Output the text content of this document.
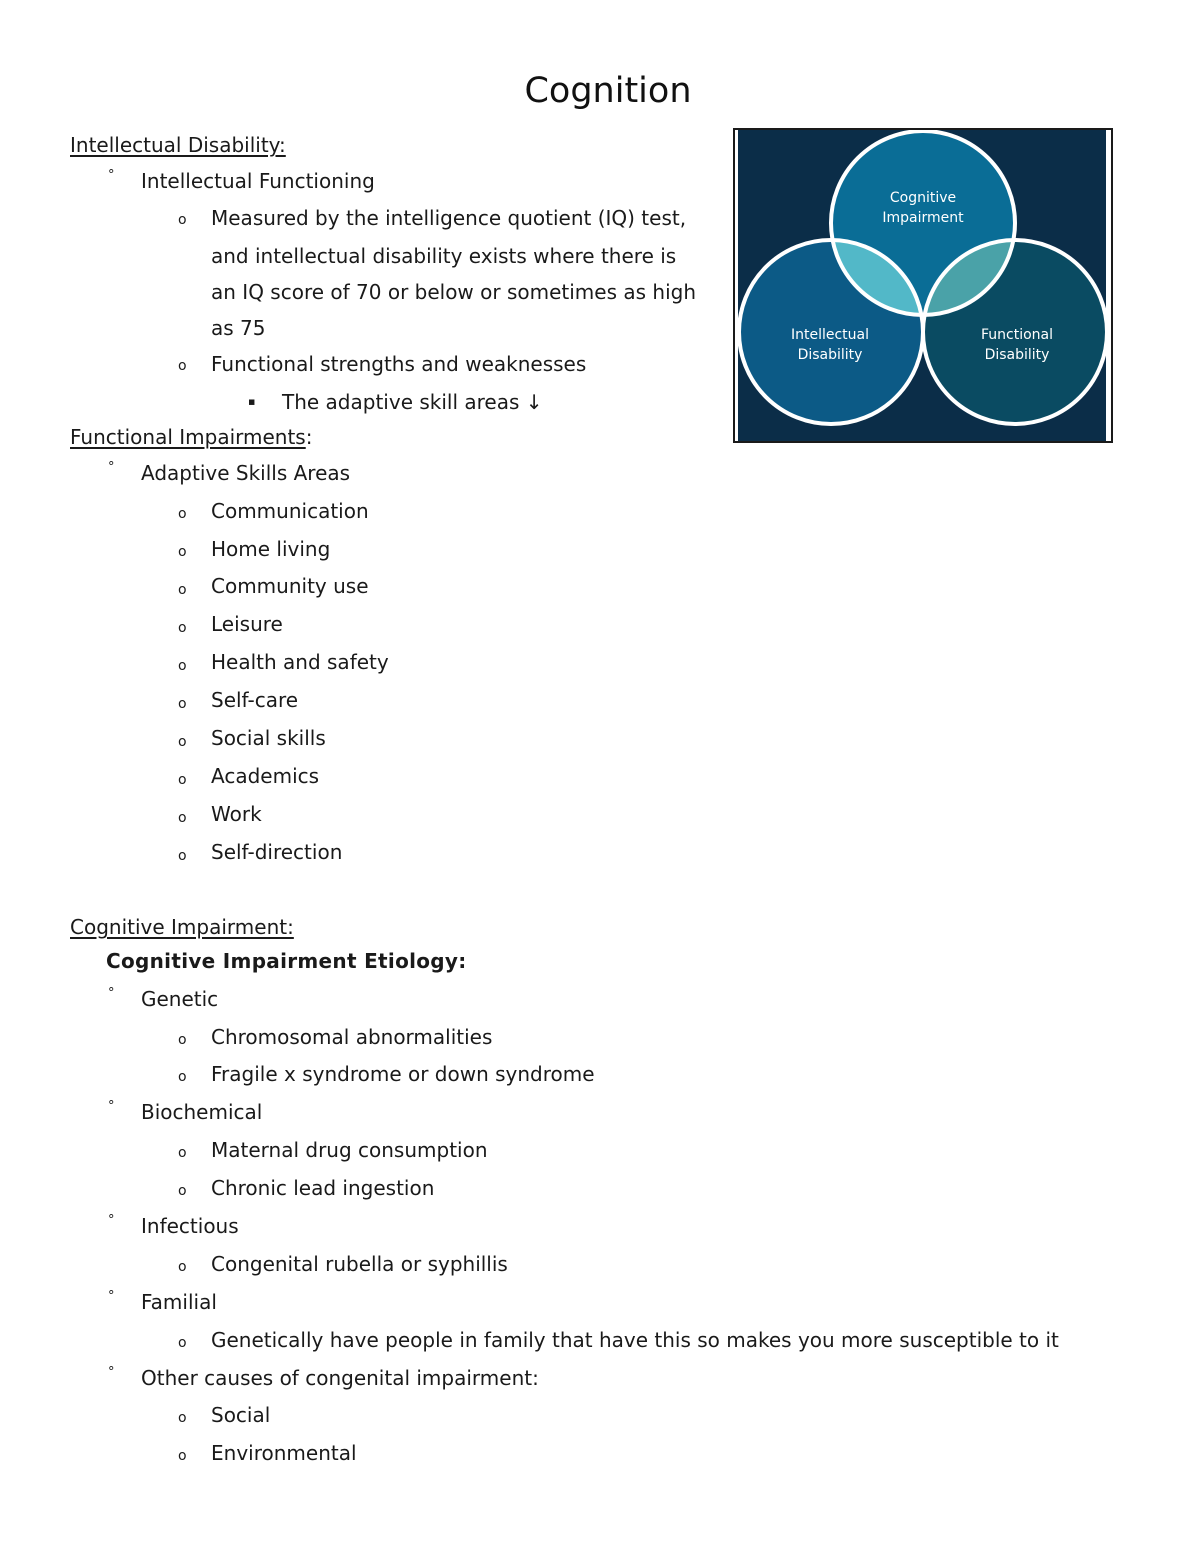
Cognition
Intellectual Disability:
° Intellectual Functioning
o Measured by the intelligence quotient (IQ) test,
and intellectual disability exists where there is
an IQ score of 70 or below or sometimes as high
as 75
o Functional strengths and weaknesses
▪ The adaptive skill areas ↓
Functional Impairments:
° Adaptive Skills Areas
o Communication
o Home living
o Community use
o Leisure
o Health and safety
o Self-care
o Social skills
o Academics
o Work
o Self-direction
Cognitive Impairment:
Cognitive Impairment Etiology:
° Genetic
o Chromosomal abnormalities
o Fragile x syndrome or down syndrome
° Biochemical
o Maternal drug consumption
o Chronic lead ingestion
° Infectious
o Congenital rubella or syphillis
° Familial
o Genetically have people in family that have this so makes you more susceptible to it
° Other causes of congenital impairment:
o Social
o Environmental
Cognitive Impairment
Intellectual Disability
Functional Disability
